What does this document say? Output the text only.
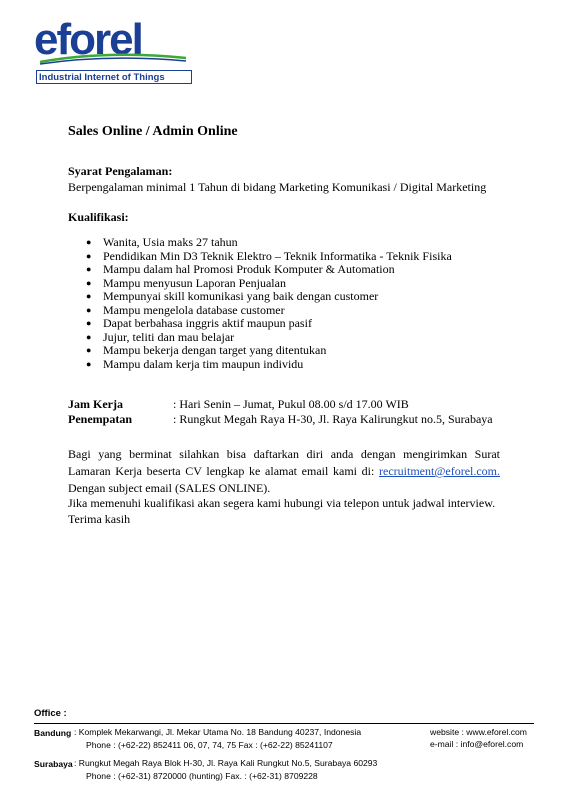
eforel
Industrial Internet of Things
Sales Online / Admin Online
Syarat Pengalaman:
Berpengalaman minimal 1 Tahun di bidang Marketing Komunikasi / Digital Marketing
Kualifikasi:
● Wanita, Usia maks 27 tahun
● Pendidikan Min D3 Teknik Elektro – Teknik Informatika - Teknik Fisika
● Mampu dalam hal Promosi Produk Komputer & Automation
● Mampu menyusun Laporan Penjualan
● Mempunyai skill komunikasi yang baik dengan customer
● Mampu mengelola database customer
● Dapat berbahasa inggris aktif maupun pasif
● Jujur, teliti dan mau belajar
● Mampu bekerja dengan target yang ditentukan
● Mampu dalam kerja tim maupun individu
Jam Kerja	: Hari Senin – Jumat, Pukul 08.00 s/d 17.00 WIB
Penempatan	: Rungkut Megah Raya H-30, Jl. Raya Kalirungkut no.5, Surabaya
Bagi yang berminat silahkan bisa daftarkan diri anda dengan mengirimkan Surat Lamaran Kerja beserta CV lengkap ke alamat email kami di: recruitment@eforel.com. Dengan subject email (SALES ONLINE).
Jika memenuhi kualifikasi akan segera kami hubungi via telepon untuk jadwal interview.
Terima kasih
Office :
Bandung : Komplek Mekarwangi, Jl. Mekar Utama No. 18 Bandung 40237, Indonesia
Phone : (+62-22) 852411 06, 07, 74, 75 Fax : (+62-22) 85241107
website : www.eforel.com
e-mail : info@eforel.com
Surabaya : Rungkut Megah Raya Blok H-30, Jl. Raya Kali Rungkut No.5, Surabaya 60293
Phone : (+62-31) 8720000 (hunting) Fax. : (+62-31) 8709228
